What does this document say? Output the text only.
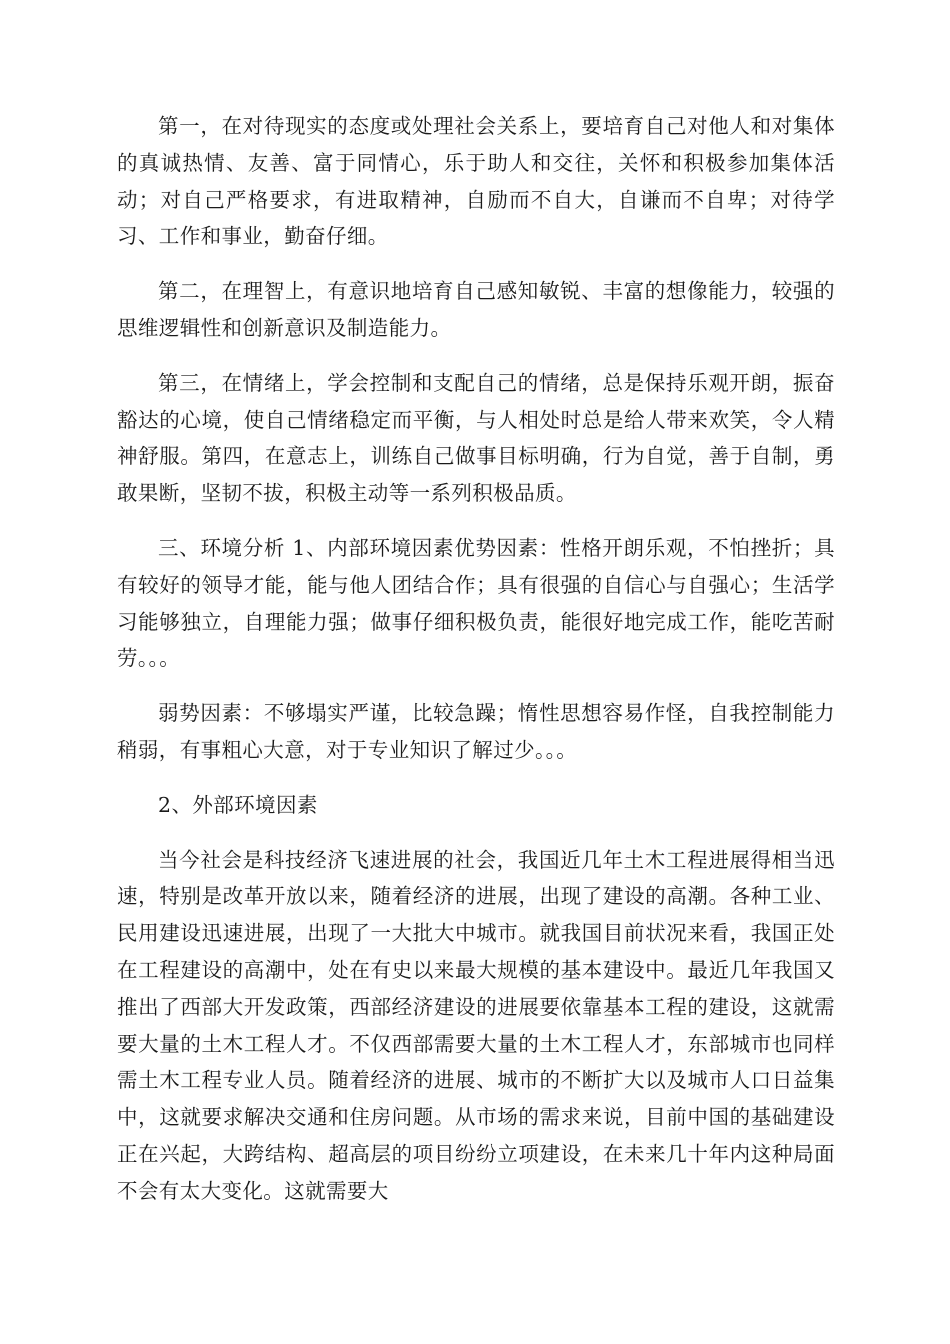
第一，在对待现实的态度或处理社会关系上，要培育自己对他人和对集体的真诚热情、友善、富于同情心，乐于助人和交往，关怀和积极参加集体活动；对自己严格要求，有进取精神，自励而不自大，自谦而不自卑；对待学习、工作和事业，勤奋仔细。

第二，在理智上，有意识地培育自己感知敏锐、丰富的想像能力，较强的思维逻辑性和创新意识及制造能力。

第三，在情绪上，学会控制和支配自己的情绪，总是保持乐观开朗，振奋豁达的心境，使自己情绪稳定而平衡，与人相处时总是给人带来欢笑，令人精神舒服。第四，在意志上，训练自己做事目标明确，行为自觉，善于自制，勇敢果断，坚韧不拔，积极主动等一系列积极品质。

三、环境分析 1、内部环境因素优势因素：性格开朗乐观，不怕挫折；具有较好的领导才能，能与他人团结合作；具有很强的自信心与自强心；生活学习能够独立，自理能力强；做事仔细积极负责，能很好地完成工作，能吃苦耐劳。。。

弱势因素：不够塌实严谨，比较急躁；惰性思想容易作怪，自我控制能力稍弱，有事粗心大意，对于专业知识了解过少。。。

2、外部环境因素

当今社会是科技经济飞速进展的社会，我国近几年土木工程进展得相当迅速，特别是改革开放以来，随着经济的进展，出现了建设的高潮。各种工业、民用建设迅速进展，出现了一大批大中城市。就我国目前状况来看，我国正处在工程建设的高潮中，处在有史以来最大规模的基本建设中。最近几年我国又推出了西部大开发政策，西部经济建设的进展要依靠基本工程的建设，这就需要大量的土木工程人才。不仅西部需要大量的土木工程人才，东部城市也同样需土木工程专业人员。随着经济的进展、城市的不断扩大以及城市人口日益集中，这就要求解决交通和住房问题。从市场的需求来说，目前中国的基础建设正在兴起，大跨结构、超高层的项目纷纷立项建设，在未来几十年内这种局面不会有太大变化。这就需要大
